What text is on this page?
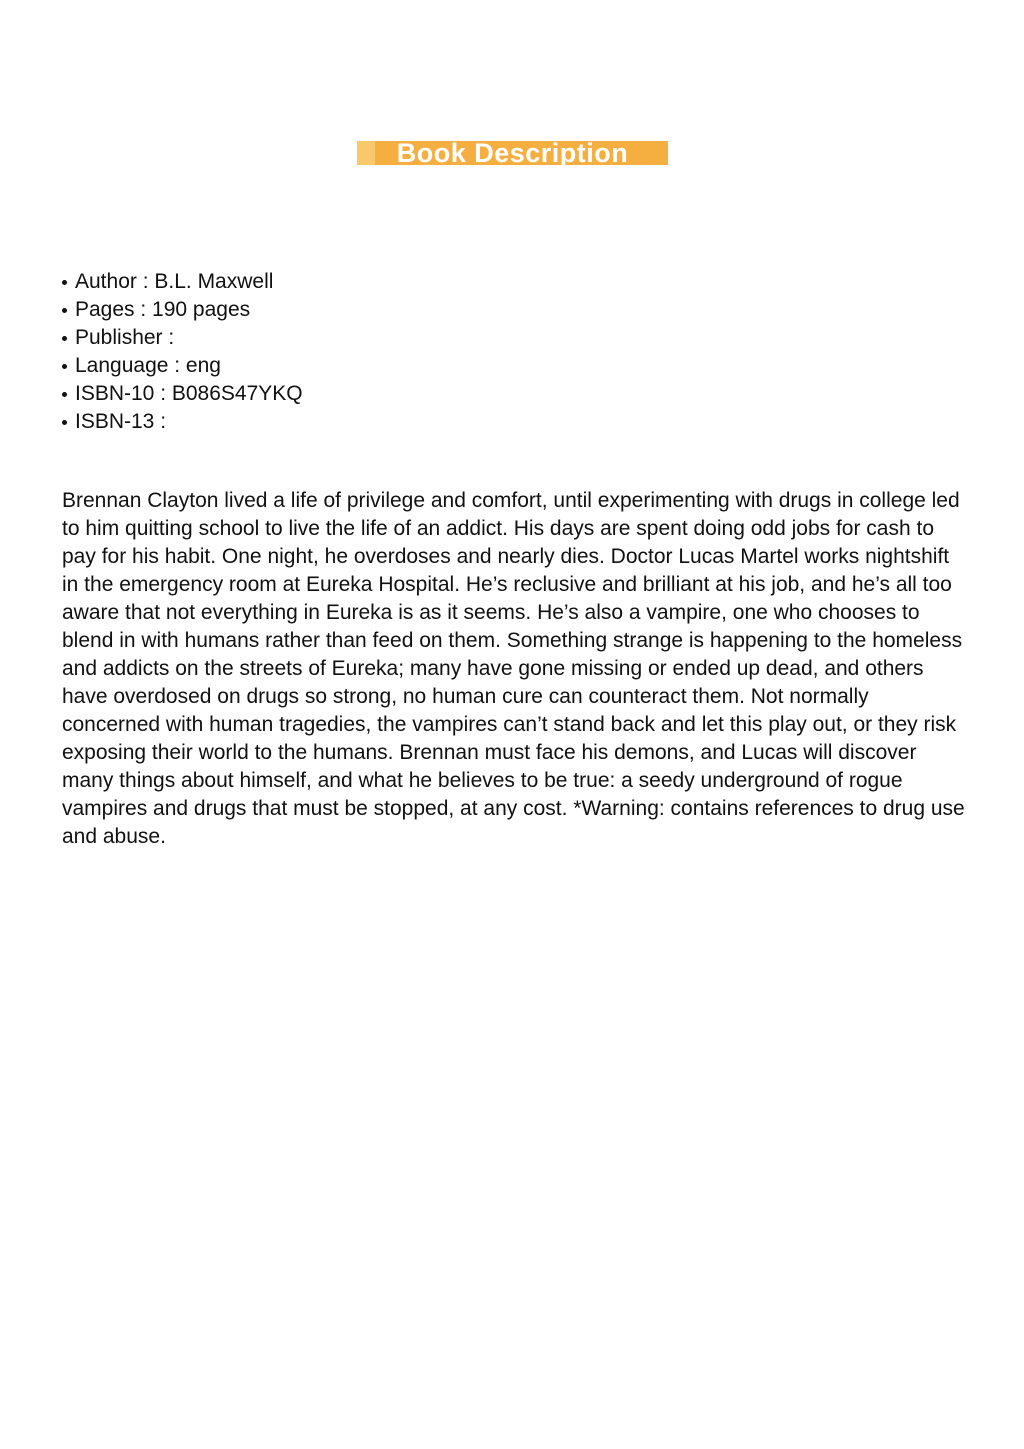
Book Description
Author : B.L. Maxwell
Pages : 190 pages
Publisher :
Language : eng
ISBN-10 : B086S47YKQ
ISBN-13 :

Brennan Clayton lived a life of privilege and comfort, until experimenting with drugs in college led to him quitting school to live the life of an addict. His days are spent doing odd jobs for cash to pay for his habit. One night, he overdoses and nearly dies. Doctor Lucas Martel works nightshift in the emergency room at Eureka Hospital. He’s reclusive and brilliant at his job, and he’s all too aware that not everything in Eureka is as it seems. He’s also a vampire, one who chooses to blend in with humans rather than feed on them. Something strange is happening to the homeless and addicts on the streets of Eureka; many have gone missing or ended up dead, and others have overdosed on drugs so strong, no human cure can counteract them. Not normally concerned with human tragedies, the vampires can’t stand back and let this play out, or they risk exposing their world to the humans. Brennan must face his demons, and Lucas will discover many things about himself, and what he believes to be true: a seedy underground of rogue vampires and drugs that must be stopped, at any cost. *Warning: contains references to drug use and abuse.
